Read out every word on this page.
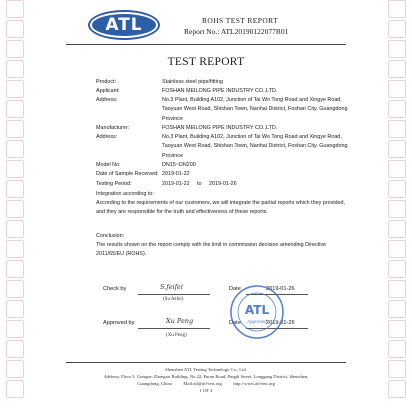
ATL	ROHS TEST REPORT
Report No.: ATL20190122077R01
TEST REPORT
Product:	Stainless steel pipe/fitting
Applicant:	FOSHAN MEILONG PIPE INDUSTRY CO.,LTD.
Address:	No.3 Plant, Building A102, Junction of Tai Wo Tong Road and Xingye Road, Taoyuan West Road, Shishan Town, Nanhai District, Foshan City, Guangdong Province
Manufacturer:	FOSHAN MEILONG PIPE INDUSTRY CO.,LTD.
Address:	No.3 Plant, Building A102, Junction of Tai Wo Tong Road and Xingye Road, Taoyuan West Road, Shishan Town, Nanhai District, Foshan City, Guangdong Province
Model No:	DN15~DN200
Date of Sample Received: 2019-01-22
Testing Period:	2019-01-22     to     2019-01-26
Integration according to:
According to the requirements of our customers, we will integrate the partial reports which they provided, and they are responsible for the truth and effectiveness of these reports.
Conclusion:
The results shown on the report comply with the limit in commission decision amending Directive 2011/65/EU (ROHS).
Check by	S.feifei
(Su feifei)
Date	2019-01-26
Approved by	Xu Peng
(Xu Peng)
Date	2019-01-26
ATL
Approved
Shenzhen ATL Testing Technology Co., Ltd.
Address: Floor 3, Gonqiao Zhongxu Building, No.22, Puran Road, Pingdi Street, Longgang District, Shenzhen,
Guangdong, China          Mail:atl@atl-test.org          http://www.atl-test.org
1 OF 4
